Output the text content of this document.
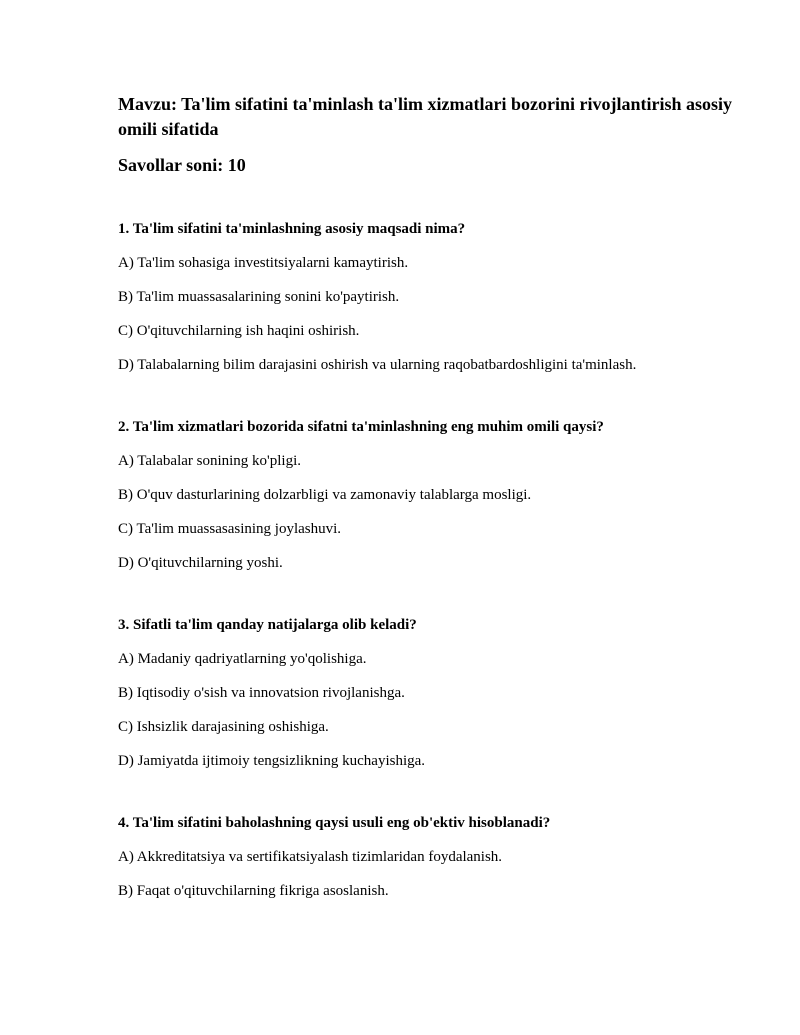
Mavzu: Ta'lim sifatini ta'minlash ta'lim xizmatlari bozorini rivojlantirish asosiy omili sifatida

Savollar soni: 10

1. Ta'lim sifatini ta'minlashning asosiy maqsadi nima?

A) Ta'lim sohasiga investitsiyalarni kamaytirish.

B) Ta'lim muassasalarining sonini ko'paytirish.

C) O'qituvchilarning ish haqini oshirish.

D) Talabalarning bilim darajasini oshirish va ularning raqobatbardoshligini ta'minlash.

2. Ta'lim xizmatlari bozorida sifatni ta'minlashning eng muhim omili qaysi?

A) Talabalar sonining ko'pligi.

B) O'quv dasturlarining dolzarbligi va zamonaviy talablarga mosligi.

C) Ta'lim muassasasining joylashuvi.

D) O'qituvchilarning yoshi.

3. Sifatli ta'lim qanday natijalarga olib keladi?

A) Madaniy qadriyatlarning yo'qolishiga.

B) Iqtisodiy o'sish va innovatsion rivojlanishga.

C) Ishsizlik darajasining oshishiga.

D) Jamiyatda ijtimoiy tengsizlikning kuchayishiga.

4. Ta'lim sifatini baholashning qaysi usuli eng ob'ektiv hisoblanadi?

A) Akkreditatsiya va sertifikatsiyalash tizimlaridan foydalanish.

B) Faqat o'qituvchilarning fikriga asoslanish.
